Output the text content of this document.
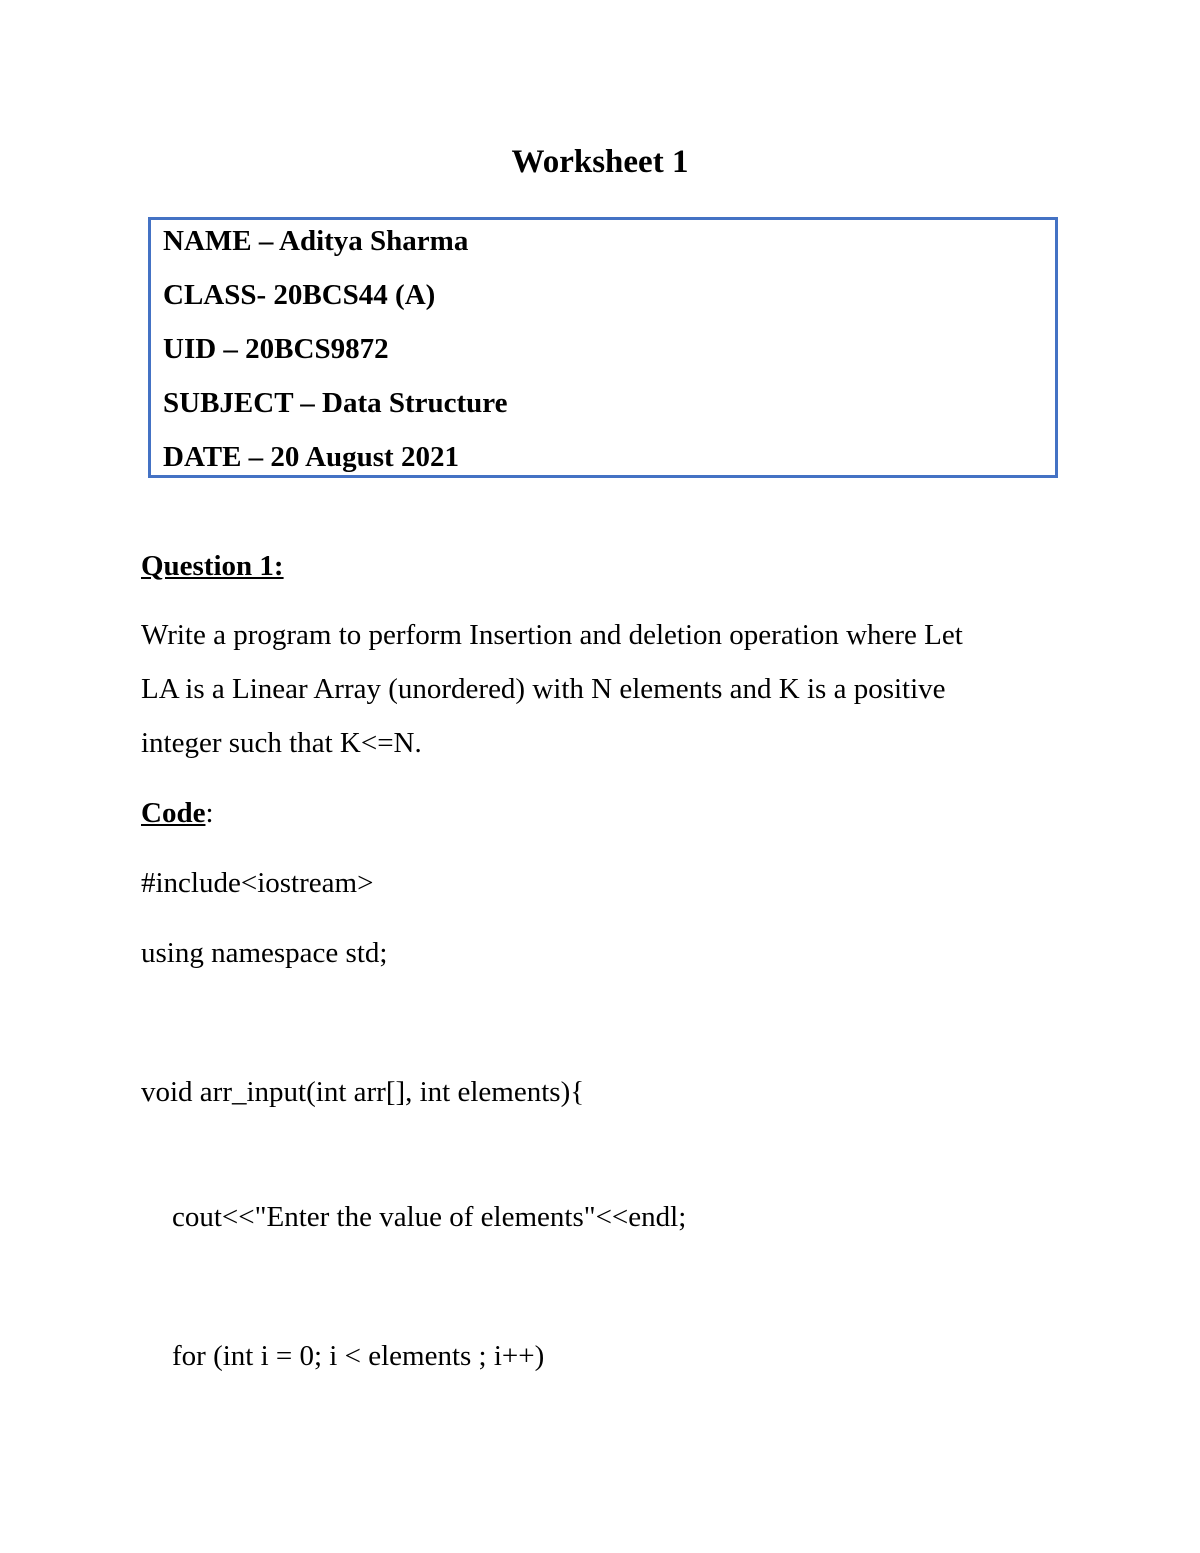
Worksheet 1
NAME – Aditya Sharma
CLASS- 20BCS44 (A)
UID – 20BCS9872
SUBJECT – Data Structure
DATE – 20 August 2021
Question 1:
Write a program to perform Insertion and deletion operation where Let
LA is a Linear Array (unordered) with N elements and K is a positive
integer such that K<=N.
Code:
#include<iostream>
using namespace std;
void arr_input(int arr[], int elements){
cout<<"Enter the value of elements"<<endl;
for (int i = 0; i < elements ; i++)
